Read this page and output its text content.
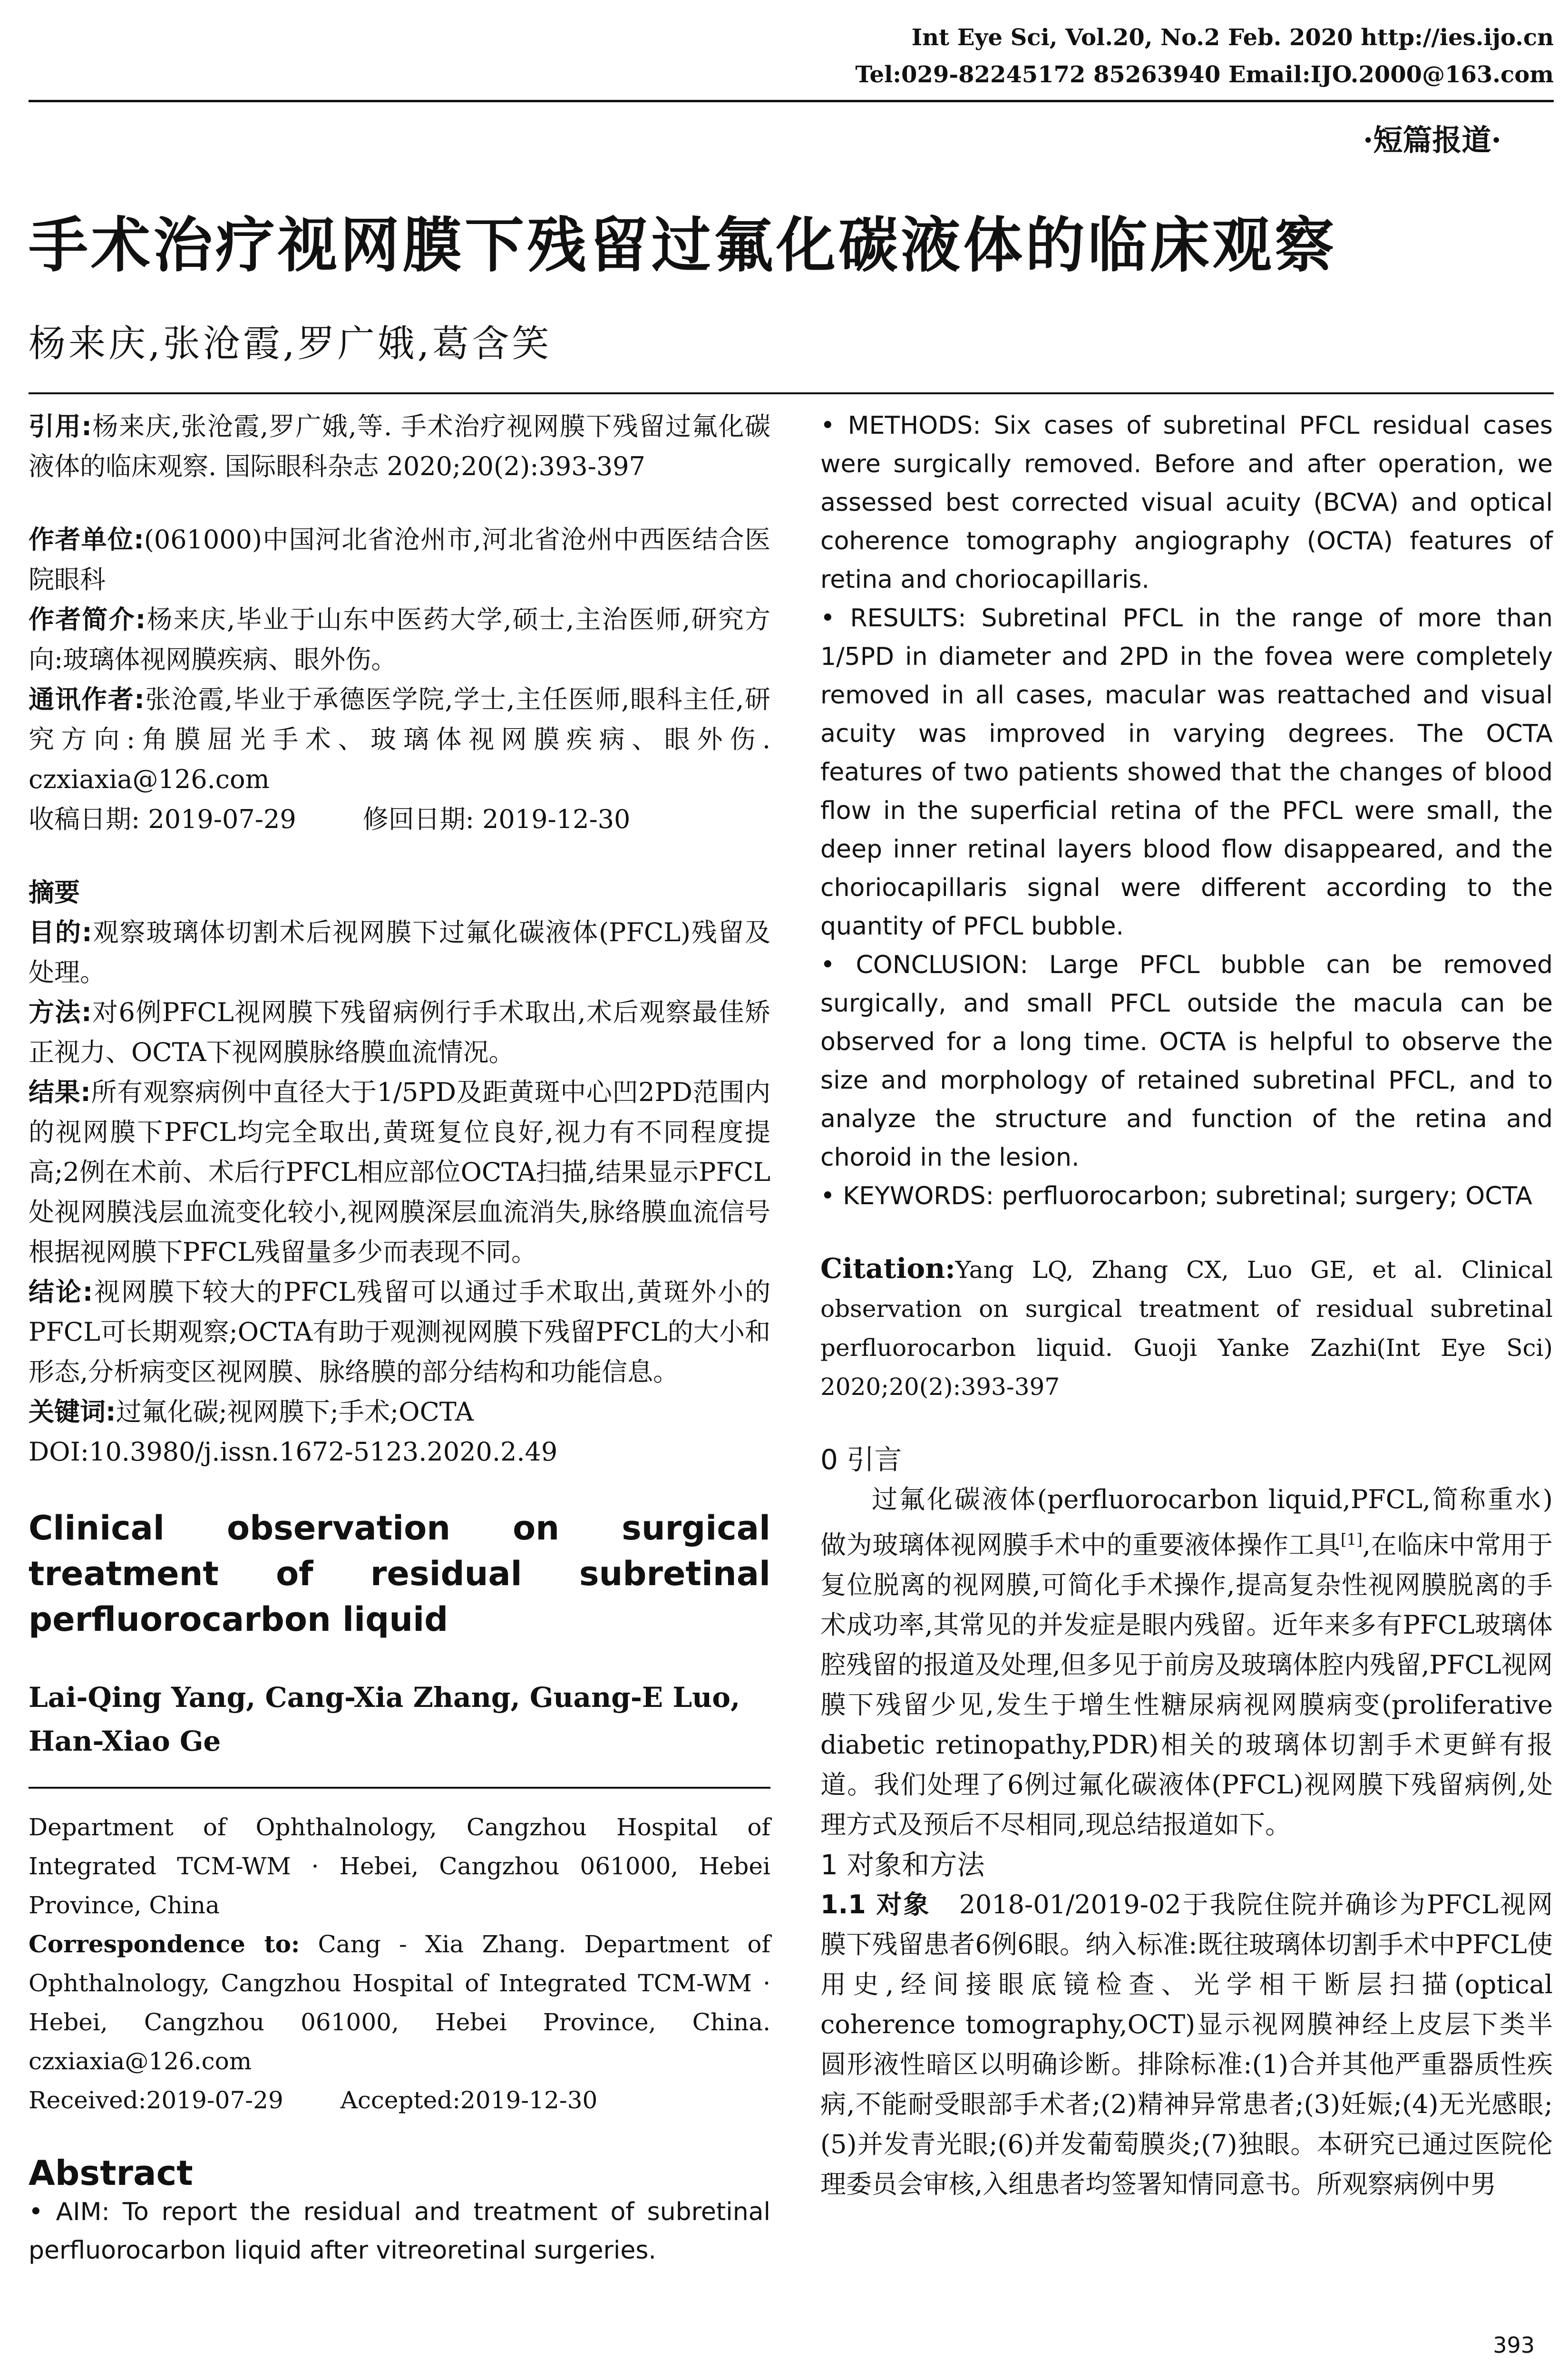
Int Eye Sci, Vol.20, No.2 Feb. 2020 http://ies.ijo.cn
Tel:029-82245172 85263940 Email:IJO.2000@163.com
·短篇报道·
手术治疗视网膜下残留过氟化碳液体的临床观察
杨来庆,张沧霞,罗广娥,葛含笑

引用:杨来庆,张沧霞,罗广娥,等. 手术治疗视网膜下残留过氟化碳液体的临床观察. 国际眼科杂志 2020;20(2):393-397

作者单位:(061000)中国河北省沧州市,河北省沧州中西医结合医院眼科

作者简介:杨来庆,毕业于山东中医药大学,硕士,主治医师,研究方向:玻璃体视网膜疾病、眼外伤。

通讯作者:张沧霞,毕业于承德医学院,学士,主任医师,眼科主任,研究方向:角膜屈光手术、玻璃体视网膜疾病、眼外伤. czxiaxia@126.com

收稿日期: 2019-07-29	修回日期: 2019-12-30

摘要

目的:观察玻璃体切割术后视网膜下过氟化碳液体(PFCL)残留及处理。

方法:对6例PFCL视网膜下残留病例行手术取出,术后观察最佳矫正视力、OCTA下视网膜脉络膜血流情况。

结果:所有观察病例中直径大于1/5PD及距黄斑中心凹2PD范围内的视网膜下PFCL均完全取出,黄斑复位良好,视力有不同程度提高;2例在术前、术后行PFCL相应部位OCTA扫描,结果显示PFCL处视网膜浅层血流变化较小,视网膜深层血流消失,脉络膜血流信号根据视网膜下PFCL残留量多少而表现不同。

结论:视网膜下较大的PFCL残留可以通过手术取出,黄斑外小的PFCL可长期观察;OCTA有助于观测视网膜下残留PFCL的大小和形态,分析病变区视网膜、脉络膜的部分结构和功能信息。

关键词:过氟化碳;视网膜下;手术;OCTA

DOI:10.3980/j.issn.1672-5123.2020.2.49

Clinical observation on surgical treatment of residual subretinal perfluorocarbon liquid

Lai-Qing Yang, Cang-Xia Zhang, Guang-E Luo, Han-Xiao Ge

Department of Ophthalnology, Cangzhou Hospital of Integrated TCM-WM · Hebei, Cangzhou 061000, Hebei Province, China

Correspondence to: Cang - Xia Zhang. Department of Ophthalnology, Cangzhou Hospital of Integrated TCM-WM · Hebei, Cangzhou 061000, Hebei Province, China. czxiaxia@126.com

Received:2019-07-29 Accepted:2019-12-30

Abstract

• AIM: To report the residual and treatment of subretinal perfluorocarbon liquid after vitreoretinal surgeries.

• METHODS: Six cases of subretinal PFCL residual cases were surgically removed. Before and after operation, we assessed best corrected visual acuity (BCVA) and optical coherence tomography angiography (OCTA) features of retina and choriocapillaris.

• RESULTS: Subretinal PFCL in the range of more than 1/5PD in diameter and 2PD in the fovea were completely removed in all cases, macular was reattached and visual acuity was improved in varying degrees. The OCTA features of two patients showed that the changes of blood flow in the superficial retina of the PFCL were small, the deep inner retinal layers blood flow disappeared, and the choriocapillaris signal were different according to the quantity of PFCL bubble.

• CONCLUSION: Large PFCL bubble can be removed surgically, and small PFCL outside the macula can be observed for a long time. OCTA is helpful to observe the size and morphology of retained subretinal PFCL, and to analyze the structure and function of the retina and choroid in the lesion.

• KEYWORDS: perfluorocarbon; subretinal; surgery; OCTA

Citation:Yang LQ, Zhang CX, Luo GE, et al. Clinical observation on surgical treatment of residual subretinal perfluorocarbon liquid. Guoji Yanke Zazhi(Int Eye Sci) 2020;20(2):393-397

0 引言

过氟化碳液体(perfluorocarbon liquid,PFCL,简称重水)做为玻璃体视网膜手术中的重要液体操作工具[1],在临床中常用于复位脱离的视网膜,可简化手术操作,提高复杂性视网膜脱离的手术成功率,其常见的并发症是眼内残留。近年来多有PFCL玻璃体腔残留的报道及处理,但多见于前房及玻璃体腔内残留,PFCL视网膜下残留少见,发生于增生性糖尿病视网膜病变(proliferative diabetic retinopathy,PDR)相关的玻璃体切割手术更鲜有报道。我们处理了6例过氟化碳液体(PFCL)视网膜下残留病例,处理方式及预后不尽相同,现总结报道如下。

1 对象和方法

1.1 对象 2018-01/2019-02于我院住院并确诊为PFCL视网膜下残留患者6例6眼。纳入标准:既往玻璃体切割手术中PFCL使用史,经间接眼底镜检查、光学相干断层扫描(optical coherence tomography,OCT)显示视网膜神经上皮层下类半圆形液性暗区以明确诊断。排除标准:(1)合并其他严重器质性疾病,不能耐受眼部手术者;(2)精神异常患者;(3)妊娠;(4)无光感眼;(5)并发青光眼;(6)并发葡萄膜炎;(7)独眼。本研究已通过医院伦理委员会审核,入组患者均签署知情同意书。所观察病例中男

393
